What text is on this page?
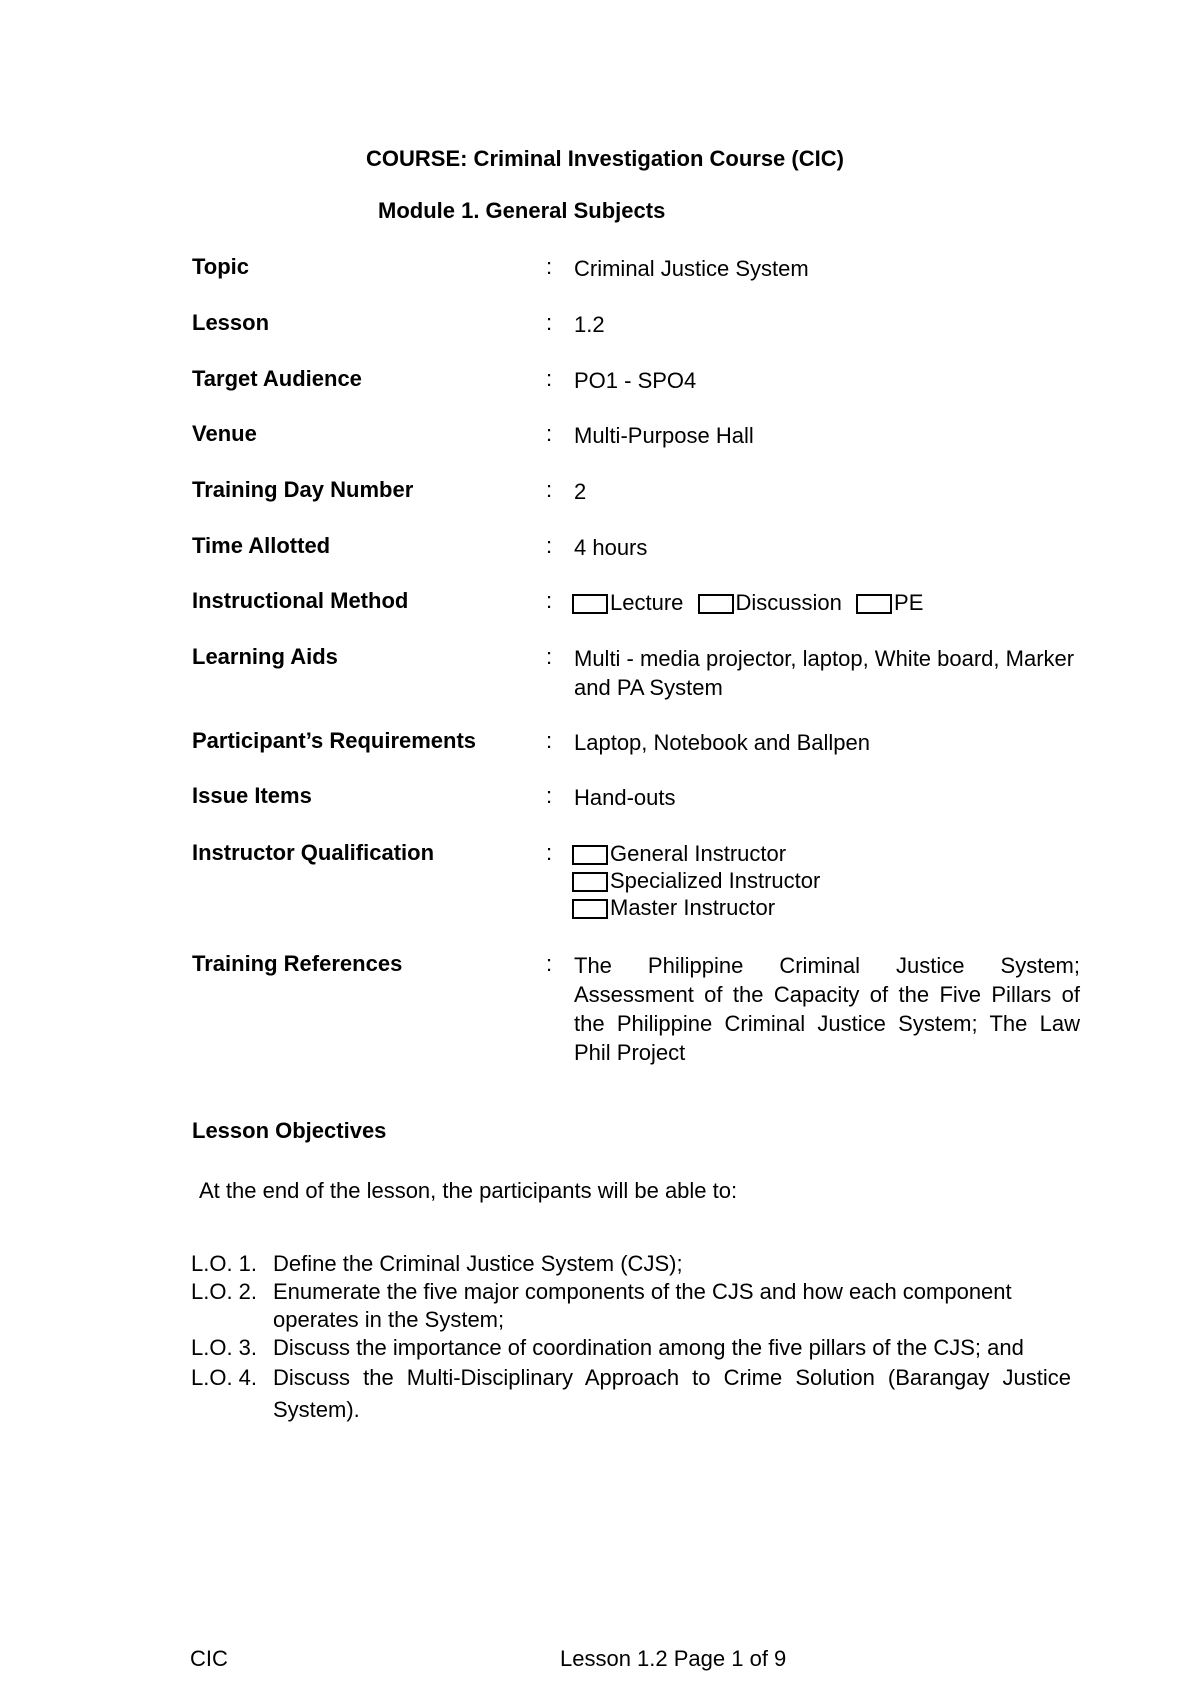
COURSE: Criminal Investigation Course (CIC)
Module 1. General Subjects
Topic	: Criminal Justice System
Lesson	: 1.2
Target Audience	: PO1 - SPO4
Venue	: Multi-Purpose Hall
Training Day Number	: 2
Time Allotted	: 4 hours
Instructional Method	:	Lecture Discussion PE
Learning Aids	: Multi - media projector, laptop, White board, Marker and PA System
Participant’s Requirements	: Laptop, Notebook and Ballpen
Issue Items	: Hand-outs
Instructor Qualification	:	General Instructor
Specialized Instructor
Master Instructor
Training References	: The Philippine Criminal Justice System; Assessment of the Capacity of the Five Pillars of the Philippine Criminal Justice System; The Law Phil Project
Lesson Objectives
At the end of the lesson, the participants will be able to:
L.O. 1. Define the Criminal Justice System (CJS);
L.O. 2. Enumerate the five major components of the CJS and how each component operates in the System;
L.O. 3. Discuss the importance of coordination among the five pillars of the CJS; and
L.O. 4. Discuss the Multi-Disciplinary Approach to Crime Solution (Barangay Justice System).
CIC	Lesson 1.2 Page 1 of 9
